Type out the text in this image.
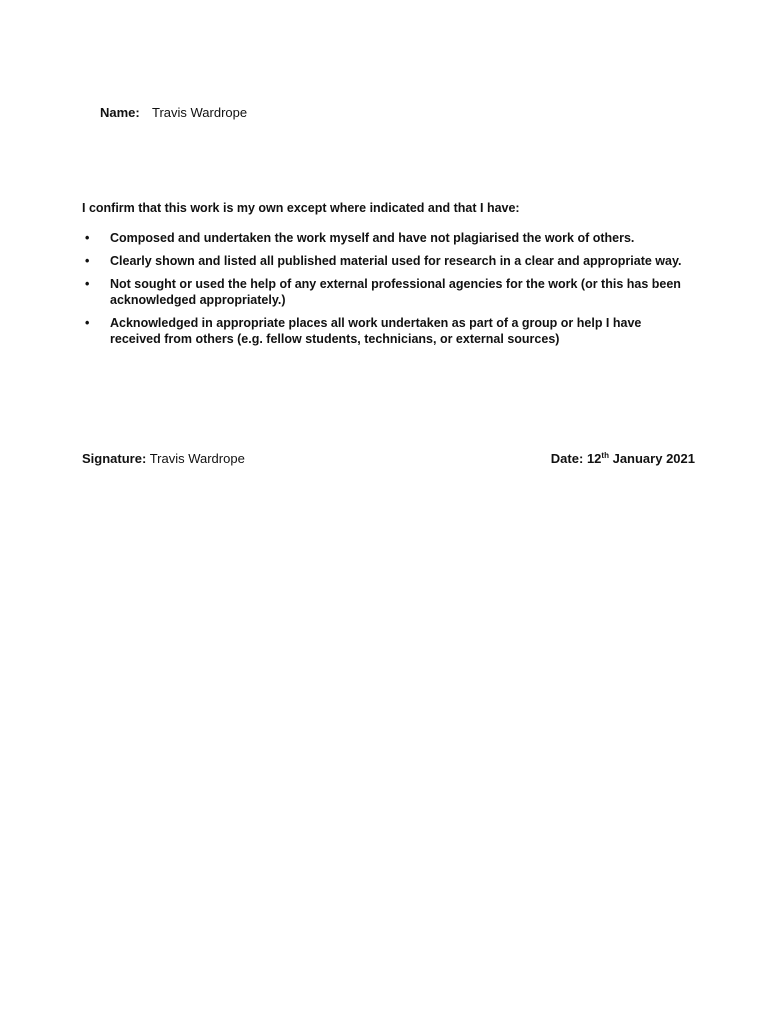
Name: Travis Wardrope
I confirm that this work is my own except where indicated and that I have:
• Composed and undertaken the work myself and have not plagiarised the work of others.
• Clearly shown and listed all published material used for research in a clear and appropriate way.
• Not sought or used the help of any external professional agencies for the work (or this has been acknowledged appropriately.)
• Acknowledged in appropriate places all work undertaken as part of a group or help I have received from others (e.g. fellow students, technicians, or external sources)
Signature: Travis Wardrope	Date: 12th January 2021
